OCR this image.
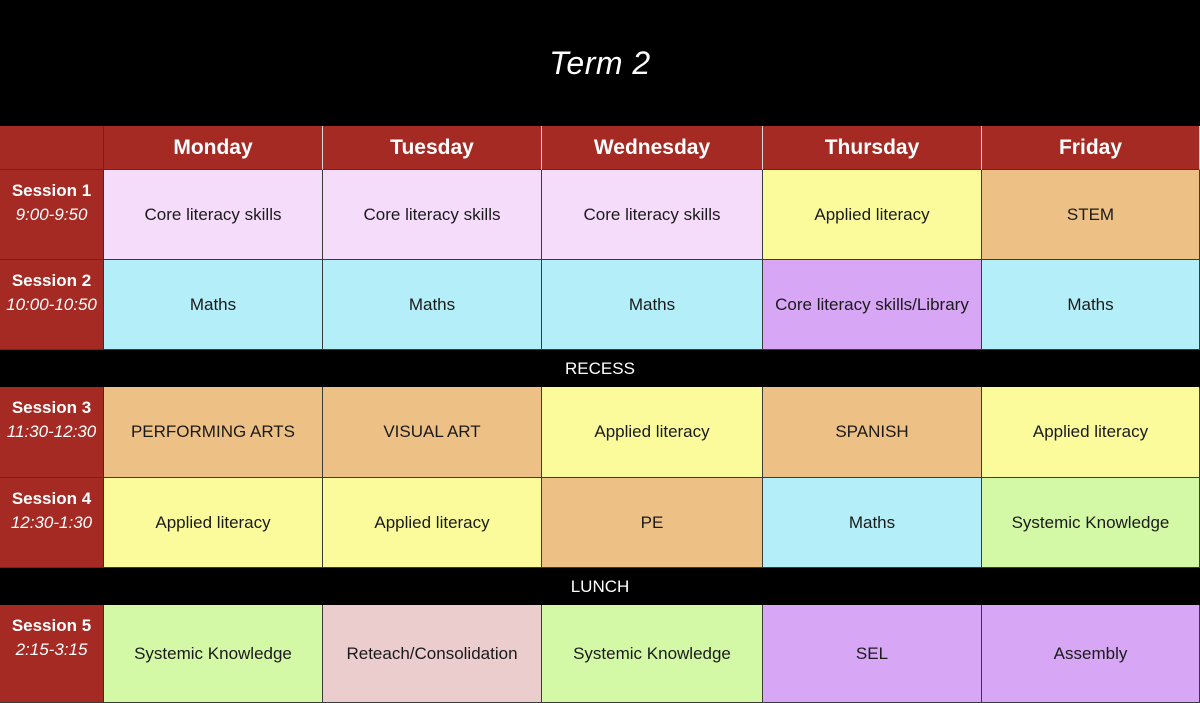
Term 2
Monday	Tuesday	Wednesday	Thursday	Friday
Session 1
9:00-9:50	Core literacy skills	Core literacy skills	Core literacy skills	Applied literacy	STEM
Session 2
10:00-10:50	Maths	Maths	Maths	Core literacy skills/Library	Maths
RECESS
Session 3
11:30-12:30	PERFORMING ARTS	VISUAL ART	Applied literacy	SPANISH	Applied literacy
Session 4
12:30-1:30	Applied literacy	Applied literacy	PE	Maths	Systemic Knowledge
LUNCH
Session 5
2:15-3:15	Systemic Knowledge	Reteach/Consolidation	Systemic Knowledge	SEL	Assembly
